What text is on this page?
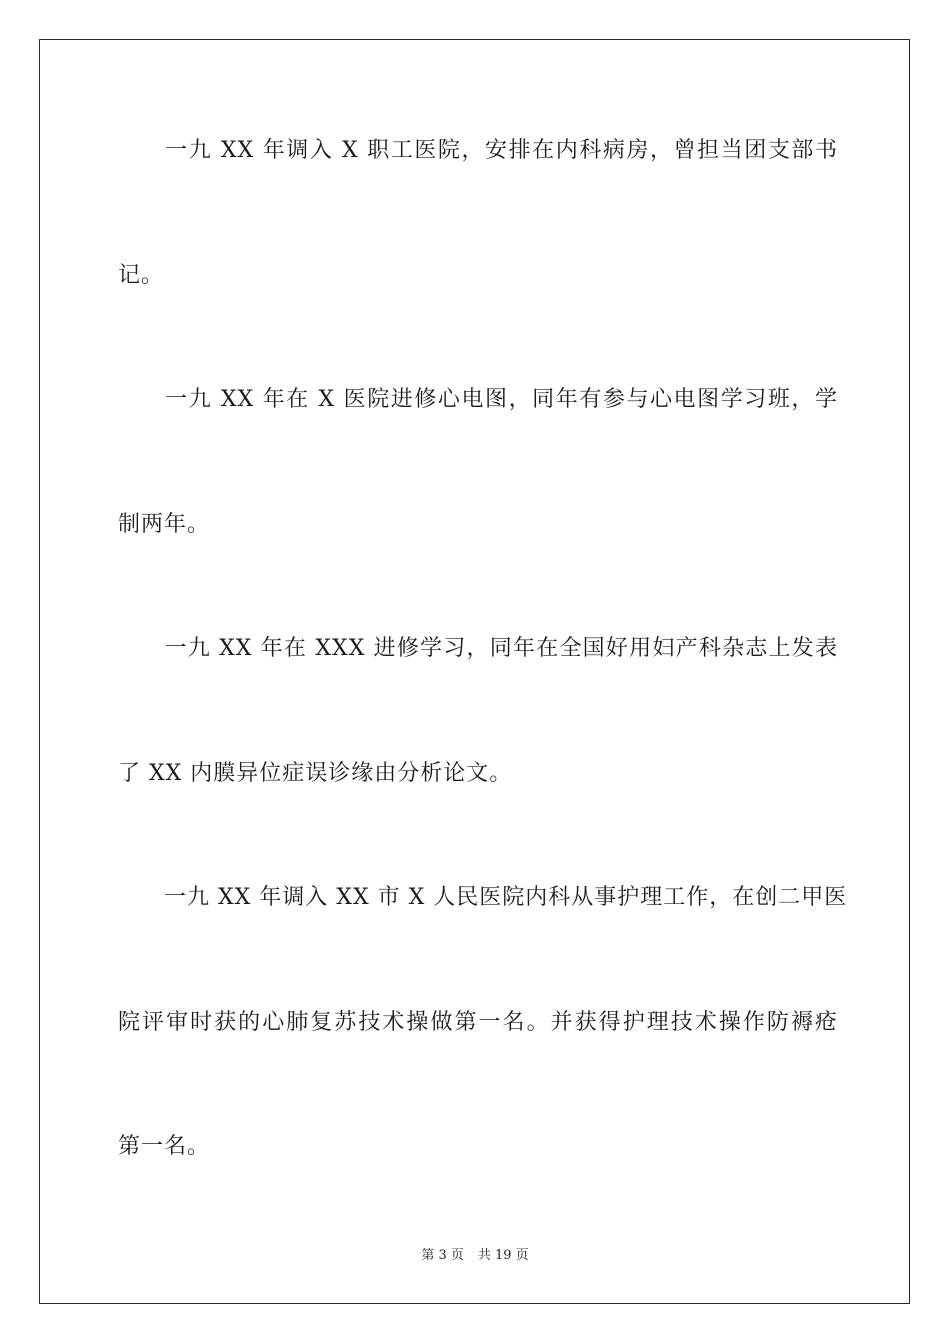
　　一九 XX 年调入 X 职工医院，安排在内科病房，曾担当团支部书
记。
　　一九 XX 年在 X 医院进修心电图，同年有参与心电图学习班，学
制两年。
　　一九 XX 年在 XXX 进修学习，同年在全国好用妇产科杂志上发表
了 XX 内膜异位症误诊缘由分析论文。
　　一九 XX 年调入 XX 市 X 人民医院内科从事护理工作，在创二甲医
院评审时获的心肺复苏技术操做第一名。并获得护理技术操作防褥疮
第一名。
第 3 页 共 19 页
